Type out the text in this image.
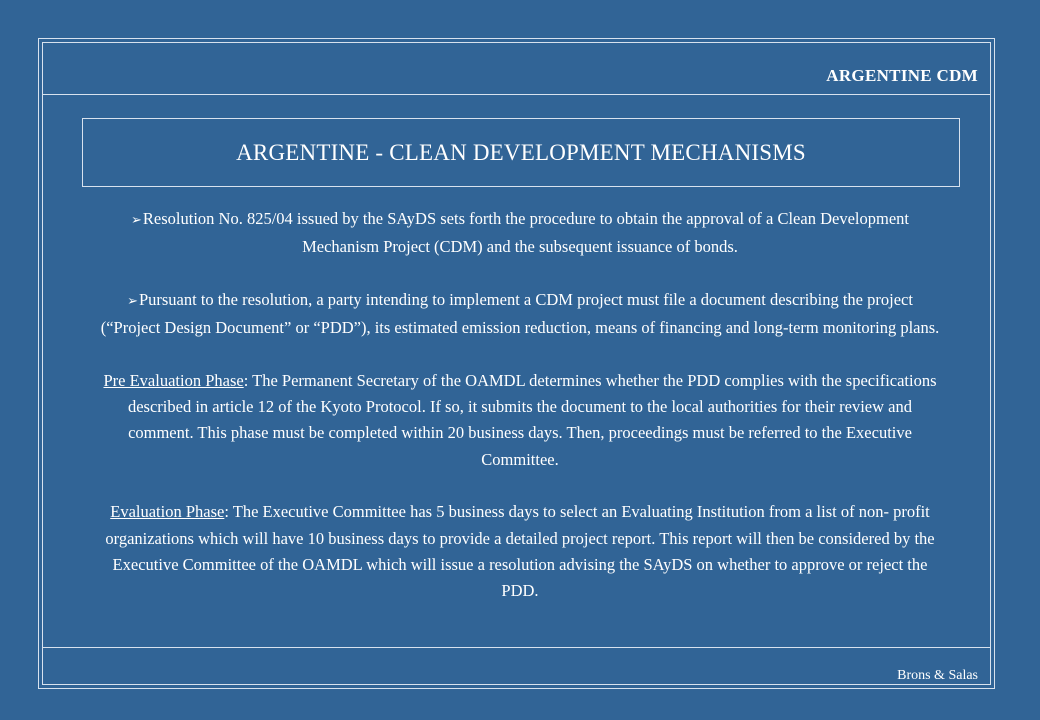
ARGENTINE CDM
ARGENTINE - CLEAN DEVELOPMENT MECHANISMS

➢Resolution No. 825/04 issued by the SAyDS sets forth the procedure to obtain the approval of a Clean Development Mechanism Project (CDM) and the subsequent issuance of bonds.

➢Pursuant to the resolution, a party intending to implement a CDM project must file a document describing the project (“Project Design Document” or “PDD”), its estimated emission reduction, means of financing and long-term monitoring plans.

Pre Evaluation Phase: The Permanent Secretary of the OAMDL determines whether the PDD complies with the specifications described in article 12 of the Kyoto Protocol. If so, it submits the document to the local authorities for their review and comment. This phase must be completed within 20 business days. Then, proceedings must be referred to the Executive Committee.

Evaluation Phase: The Executive Committee has 5 business days to select an Evaluating Institution from a list of non- profit organizations which will have 10 business days to provide a detailed project report. This report will then be considered by the Executive Committee of the OAMDL which will issue a resolution advising the SAyDS on whether to approve or reject the PDD.

Brons & Salas
